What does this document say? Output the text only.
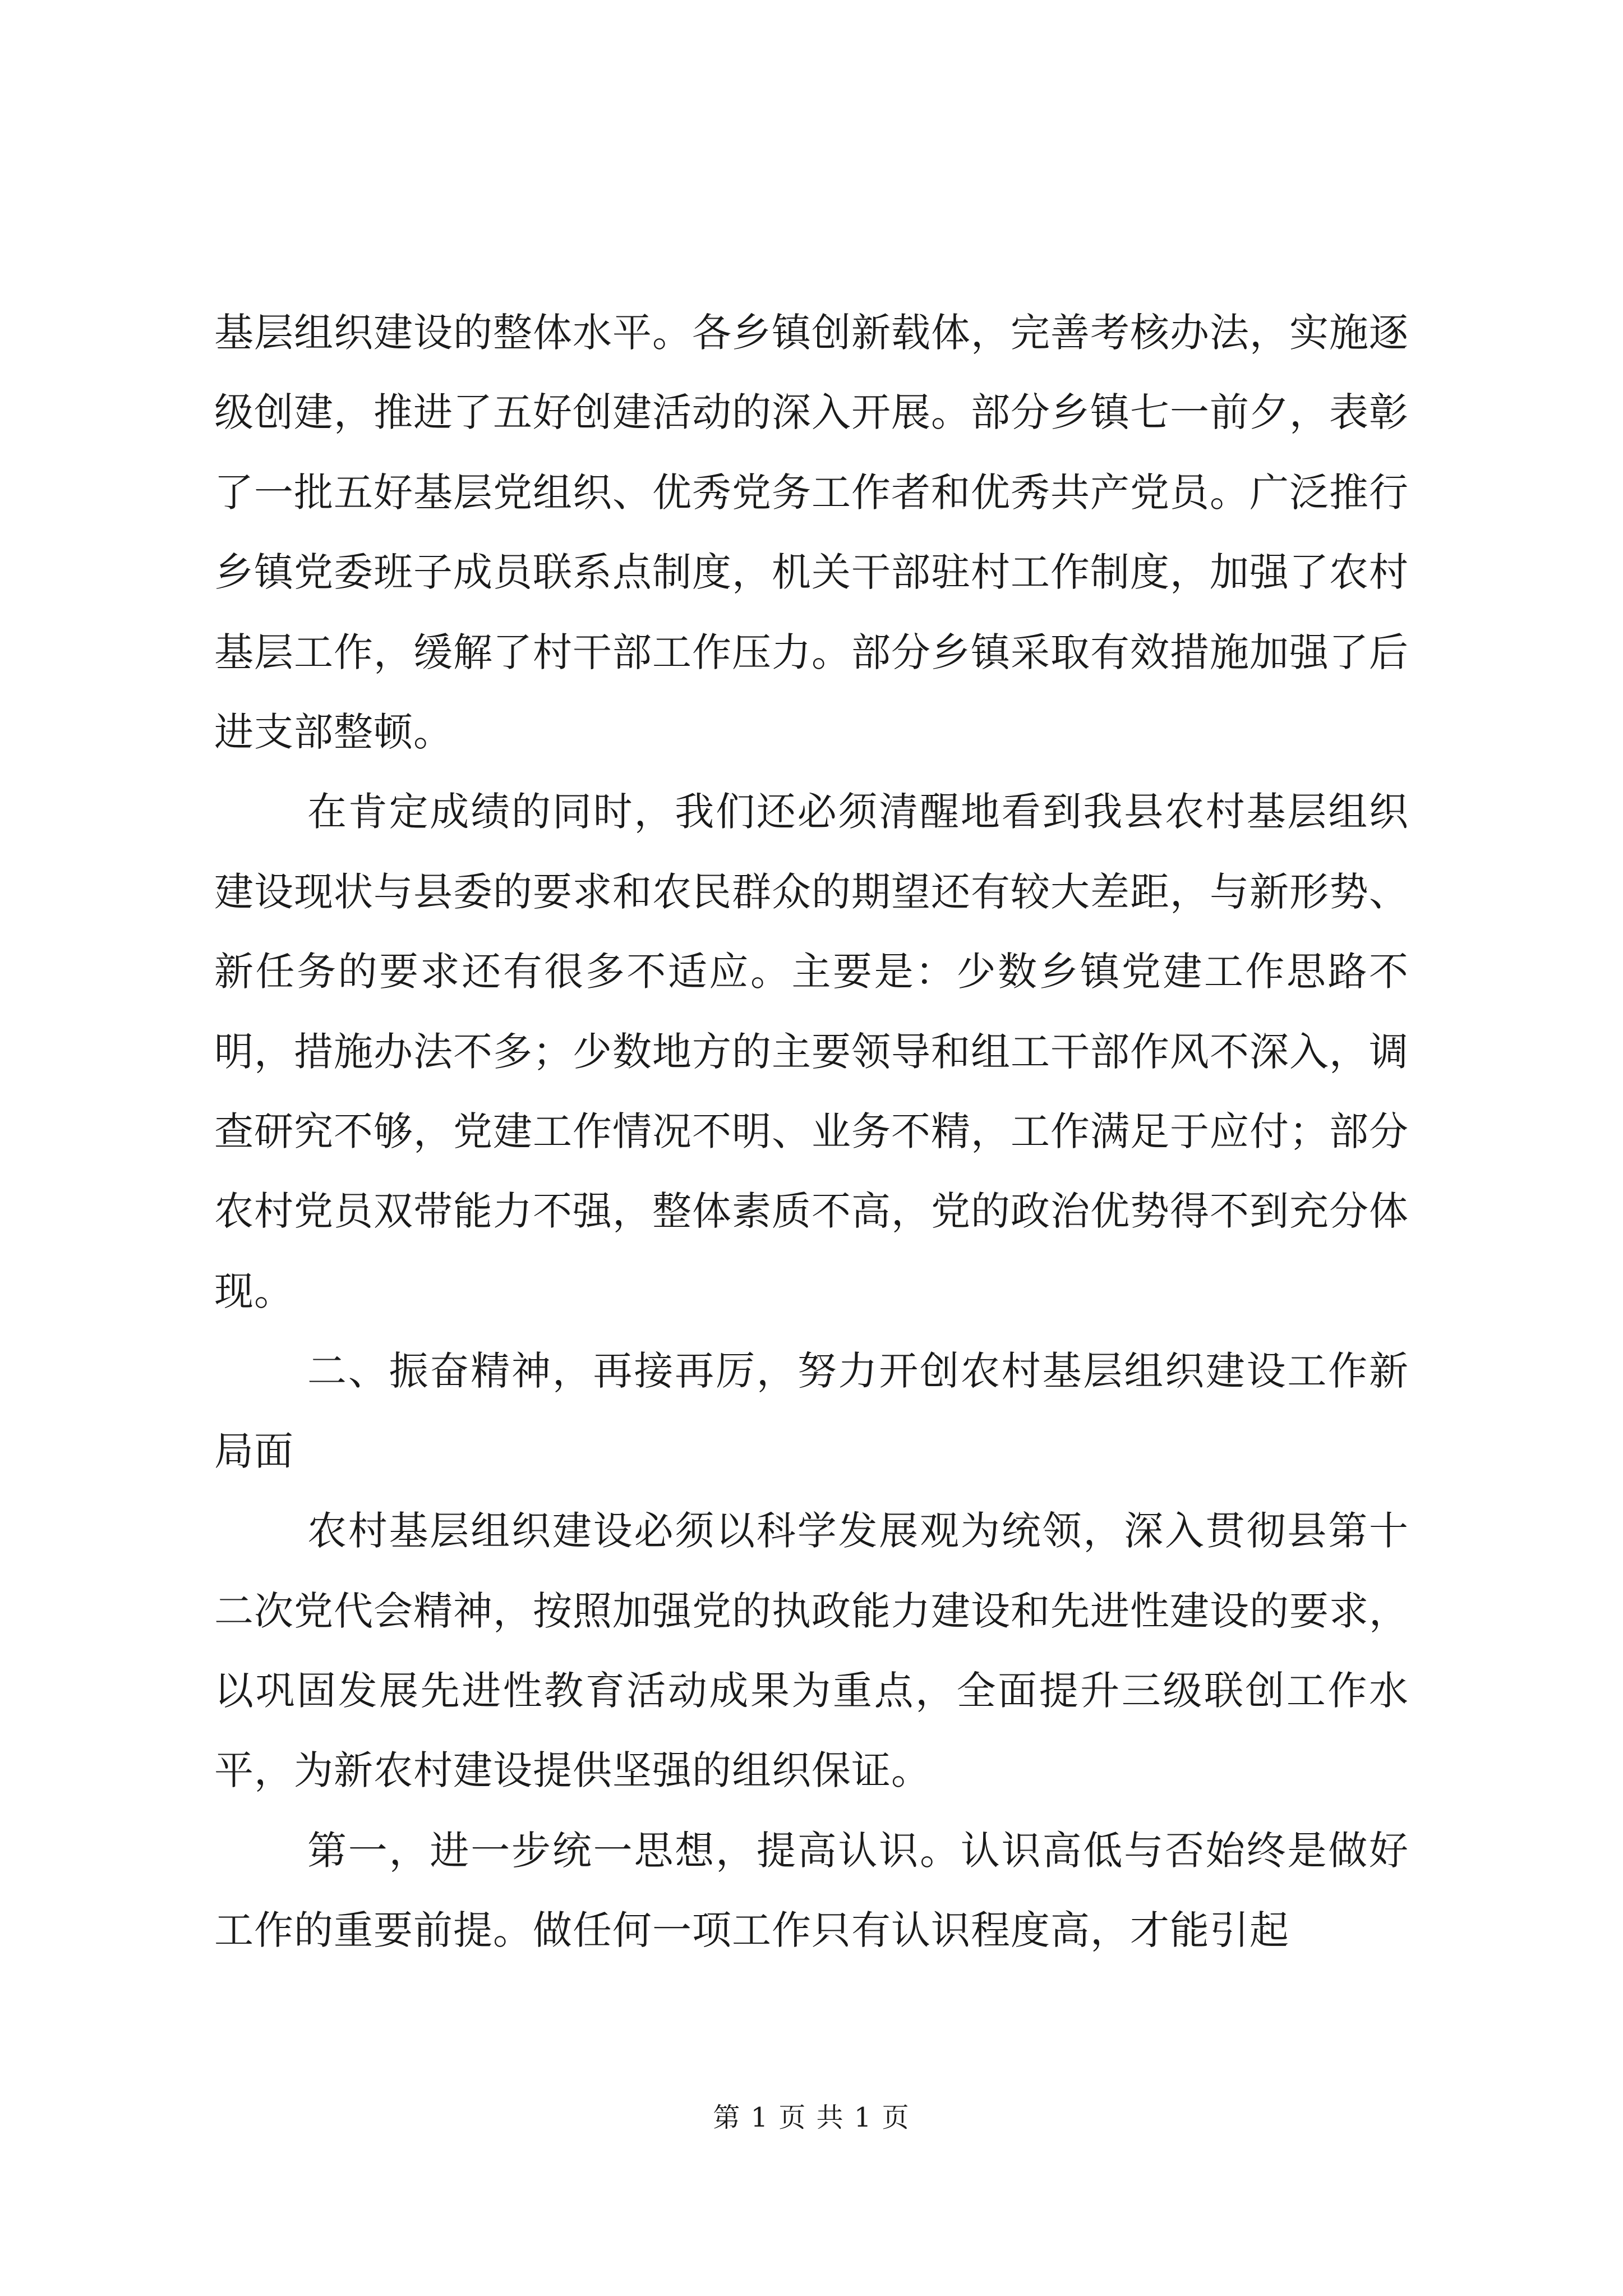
基层组织建设的整体水平。各乡镇创新载体，完善考核办法，实施逐级创建，推进了五好创建活动的深入开展。部分乡镇七一前夕，表彰了一批五好基层党组织、优秀党务工作者和优秀共产党员。广泛推行乡镇党委班子成员联系点制度，机关干部驻村工作制度，加强了农村基层工作，缓解了村干部工作压力。部分乡镇采取有效措施加强了后进支部整顿。

在肯定成绩的同时，我们还必须清醒地看到我县农村基层组织建设现状与县委的要求和农民群众的期望还有较大差距，与新形势、新任务的要求还有很多不适应。主要是：少数乡镇党建工作思路不明，措施办法不多；少数地方的主要领导和组工干部作风不深入，调查研究不够，党建工作情况不明、业务不精，工作满足于应付；部分农村党员双带能力不强，整体素质不高，党的政治优势得不到充分体现。

二、振奋精神，再接再厉，努力开创农村基层组织建设工作新局面

农村基层组织建设必须以科学发展观为统领，深入贯彻县第十二次党代会精神，按照加强党的执政能力建设和先进性建设的要求，以巩固发展先进性教育活动成果为重点，全面提升三级联创工作水平，为新农村建设提供坚强的组织保证。

第一，进一步统一思想，提高认识。认识高低与否始终是做好工作的重要前提。做任何一项工作只有认识程度高，才能引起

第 1 页 共 1 页
